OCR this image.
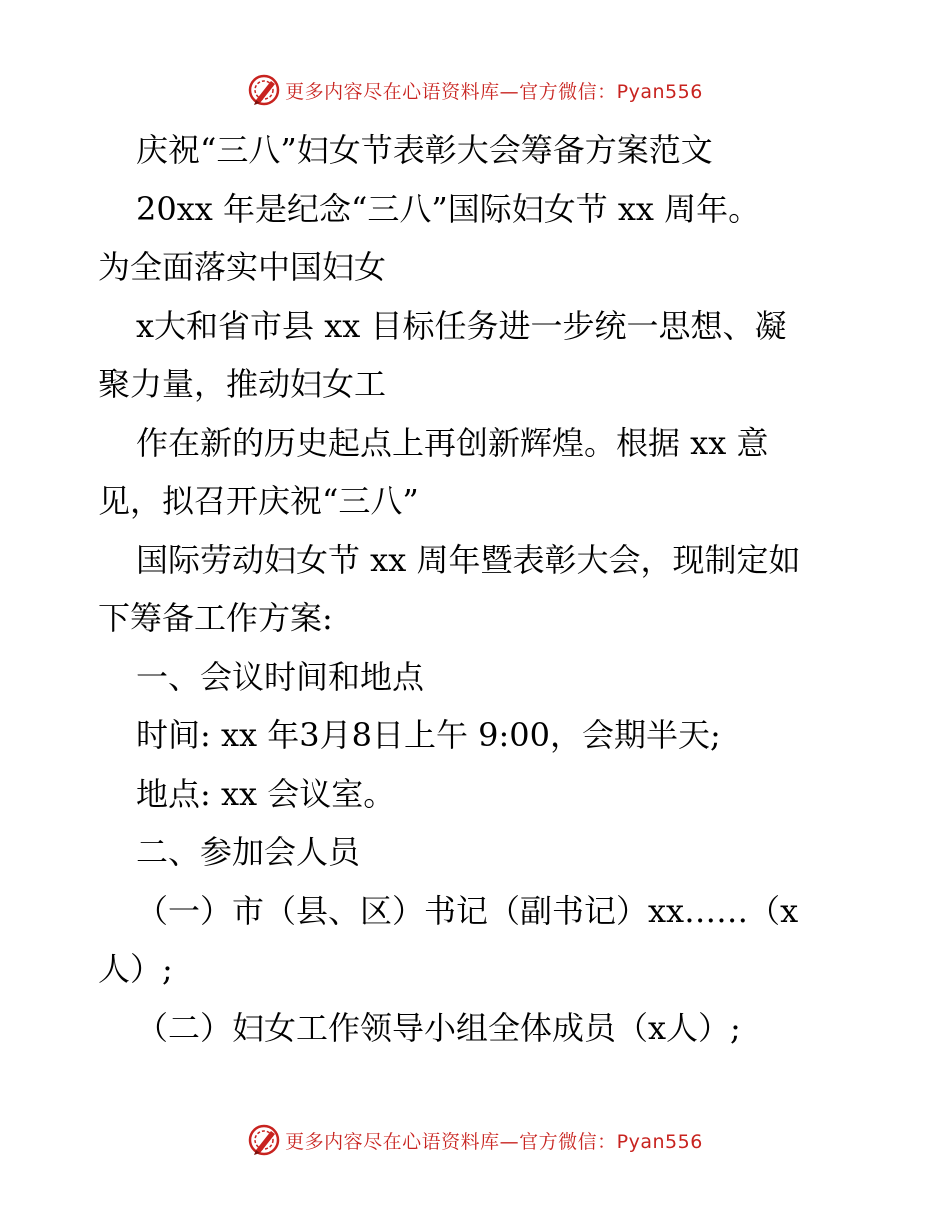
更多内容尽在心语资料库—官方微信：Pyan556
庆祝“三八”妇女节表彰大会筹备方案范文
20xx 年是纪念“三八”国际妇女节 xx 周年。
为全面落实中国妇女
x大和省市县 xx 目标任务进一步统一思想、凝
聚力量，推动妇女工
作在新的历史起点上再创新辉煌。根据 xx 意
见，拟召开庆祝“三八”
国际劳动妇女节 xx 周年暨表彰大会，现制定如
下筹备工作方案:
一、会议时间和地点
时间: xx 年3月8日上午 9:00，会期半天;
地点: xx 会议室。
二、参加会人员
（一）市（县、区）书记（副书记）xx……（x
人）;
（二）妇女工作领导小组全体成员（x人）;
更多内容尽在心语资料库—官方微信：Pyan556
